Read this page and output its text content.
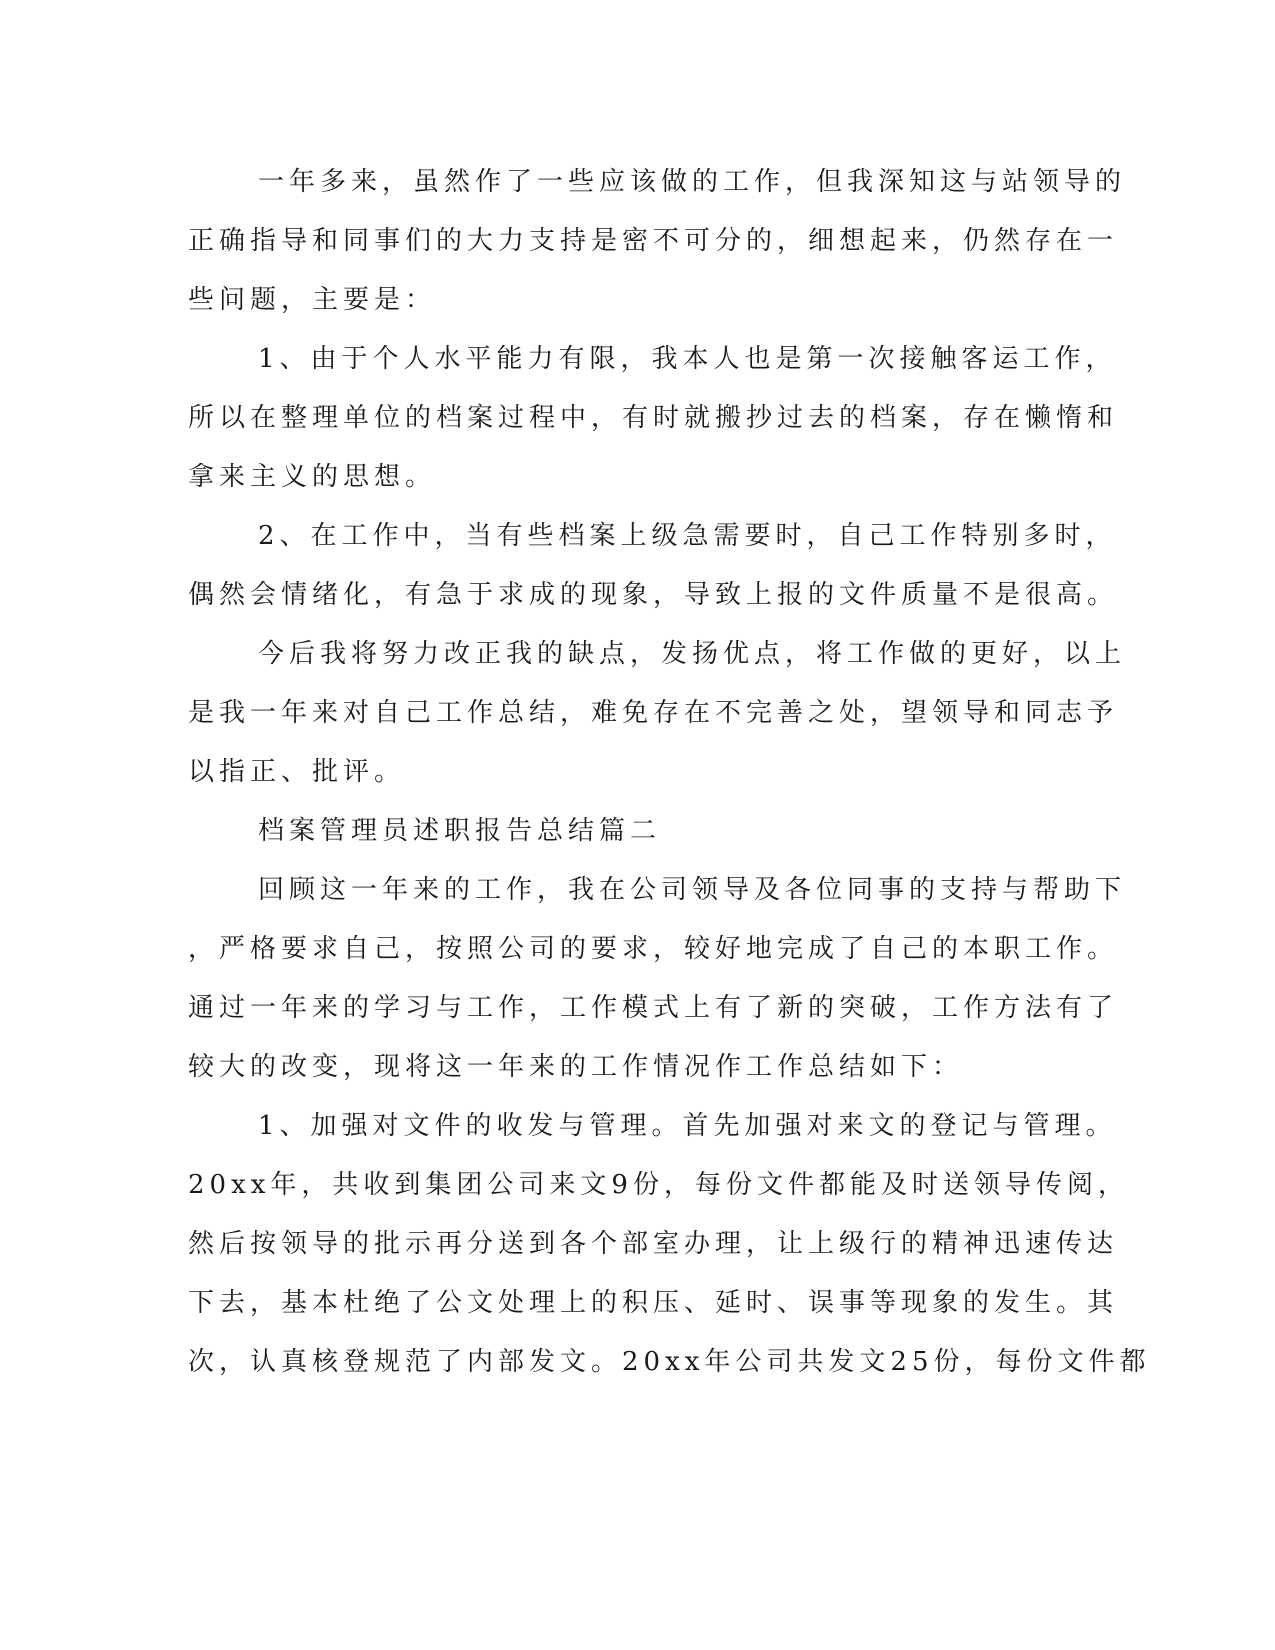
一年多来，虽然作了一些应该做的工作，但我深知这与站领导的
正确指导和同事们的大力支持是密不可分的，细想起来，仍然存在一
些问题，主要是：
1、由于个人水平能力有限，我本人也是第一次接触客运工作，
所以在整理单位的档案过程中，有时就搬抄过去的档案，存在懒惰和
拿来主义的思想。
2、在工作中，当有些档案上级急需要时，自己工作特别多时，
偶然会情绪化，有急于求成的现象，导致上报的文件质量不是很高。
今后我将努力改正我的缺点，发扬优点，将工作做的更好，以上
是我一年来对自己工作总结，难免存在不完善之处，望领导和同志予
以指正、批评。
档案管理员述职报告总结篇二
回顾这一年来的工作，我在公司领导及各位同事的支持与帮助下
，严格要求自己，按照公司的要求，较好地完成了自己的本职工作。
通过一年来的学习与工作，工作模式上有了新的突破，工作方法有了
较大的改变，现将这一年来的工作情况作工作总结如下：
1、加强对文件的收发与管理。首先加强对来文的登记与管理。
20xx年，共收到集团公司来文9份，每份文件都能及时送领导传阅，
然后按领导的批示再分送到各个部室办理，让上级行的精神迅速传达
下去，基本杜绝了公文处理上的积压、延时、误事等现象的发生。其
次，认真核登规范了内部发文。20xx年公司共发文25份，每份文件都
